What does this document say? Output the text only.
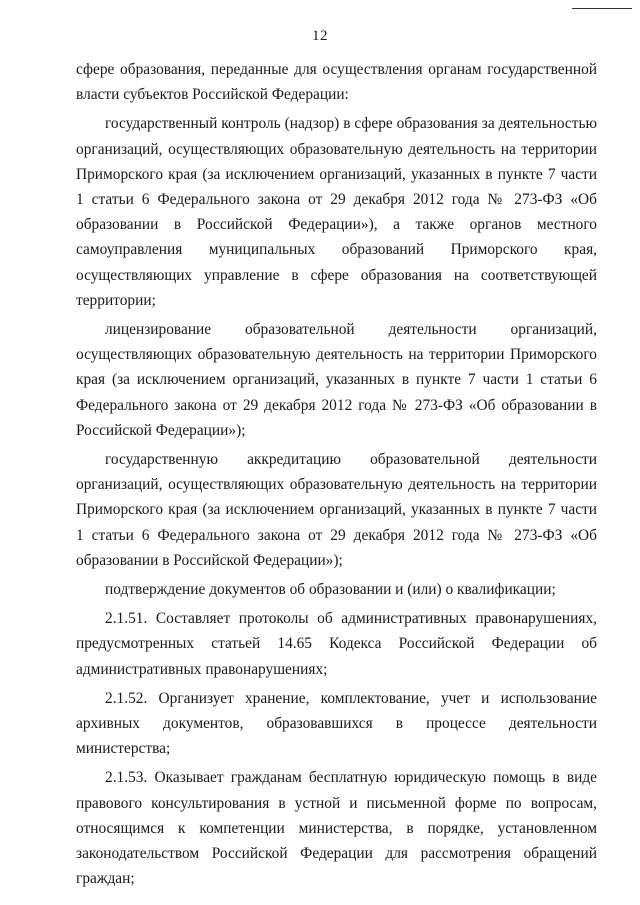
12

сфере образования, переданные для осуществления органам государственной власти субъектов Российской Федерации:

государственный контроль (надзор) в сфере образования за деятельностью организаций, осуществляющих образовательную деятельность на территории Приморского края (за исключением организаций, указанных в пункте 7 части 1 статьи 6 Федерального закона от 29 декабря 2012 года № 273-ФЗ «Об образовании в Российской Федерации»), а также органов местного самоуправления муниципальных образований Приморского края, осуществляющих управление в сфере образования на соответствующей территории;

лицензирование образовательной деятельности организаций, осуществляющих образовательную деятельность на территории Приморского края (за исключением организаций, указанных в пункте 7 части 1 статьи 6 Федерального закона от 29 декабря 2012 года № 273-ФЗ «Об образовании в Российской Федерации»);

государственную аккредитацию образовательной деятельности организаций, осуществляющих образовательную деятельность на территории Приморского края (за исключением организаций, указанных в пункте 7 части 1 статьи 6 Федерального закона от 29 декабря 2012 года № 273-ФЗ «Об образовании в Российской Федерации»);

подтверждение документов об образовании и (или) о квалификации;

2.1.51. Составляет протоколы об административных правонарушениях, предусмотренных статьей 14.65 Кодекса Российской Федерации об административных правонарушениях;

2.1.52. Организует хранение, комплектование, учет и использование архивных документов, образовавшихся в процессе деятельности министерства;

2.1.53. Оказывает гражданам бесплатную юридическую помощь в виде правового консультирования в устной и письменной форме по вопросам, относящимся к компетенции министерства, в порядке, установленном законодательством Российской Федерации для рассмотрения обращений граждан;
